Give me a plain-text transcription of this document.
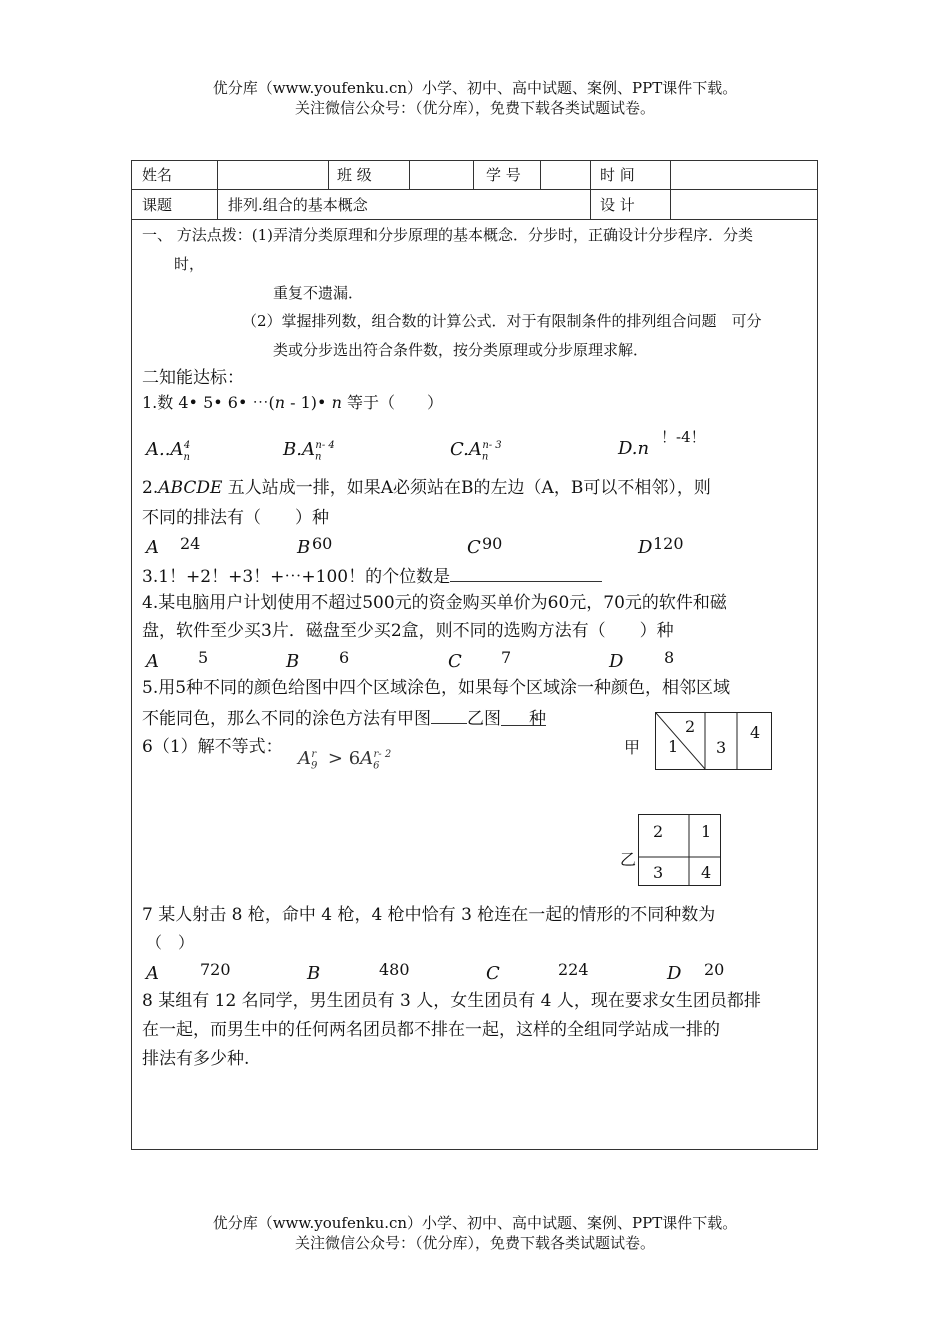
优分库（www.youfenku.cn）小学、初中、高中试题、案例、PPT课件下载。
关注微信公众号：（优分库），免费下载各类试题试卷。
姓名	班 级	学 号	时 间
课题	排列.组合的基本概念	设 计
一、 方法点拨：(1)弄清分类原理和分步原理的基本概念．分步时，正确设计分步程序．分类
时，
重复不遗漏．
（2）掌握排列数，组合数的计算公式．对于有限制条件的排列组合问题　可分
类或分步选出符合条件数，按分类原理或分步原理求解．
二知能达标：
1.数 4• 5• 6• ⋯(n - 1)• n 等于（　　）
$A..A_n^4$	$B.A_n^{n- 4}$	$C.A_n^{n- 3}$	D.n
！-4！
2.ABCDE 五人站成一排，如果A必须站在B的左边（A，B可以不相邻），则
不同的排法有（　　）种
A 24	B 60	C 90	D 120
3.1！+2！+3！+⋯+100！的个位数是
4.某电脑用户计划使用不超过500元的资金购买单价为60元，70元的软件和磁
盘，软件至少买3片．磁盘至少买2盒，则不同的选购方法有（　　）种
A 5	B 6	C 7	D	8
5.用5种不同的颜色给图中四个区域涂色，如果每个区域涂一种颜色，相邻区域
不能同色，那么不同的涂色方法有甲图 乙图 种
6（1）解不等式：
$A_9^r > 6A_6^{r- 2}$	甲 1
2
3
4
乙
2 1
3 4
7 某人射击 8 枪，命中 4 枪，4 枪中恰有 3 枪连在一起的情形的不同种数为
（　）
A	720	B	480	C	224	D 20
8 某组有 12 名同学，男生团员有 3 人，女生团员有 4 人，现在要求女生团员都排
在一起，而男生中的任何两名团员都不排在一起，这样的全组同学站成一排的
排法有多少种.
优分库（www.youfenku.cn）小学、初中、高中试题、案例、PPT课件下载。
关注微信公众号：（优分库），免费下载各类试题试卷。
